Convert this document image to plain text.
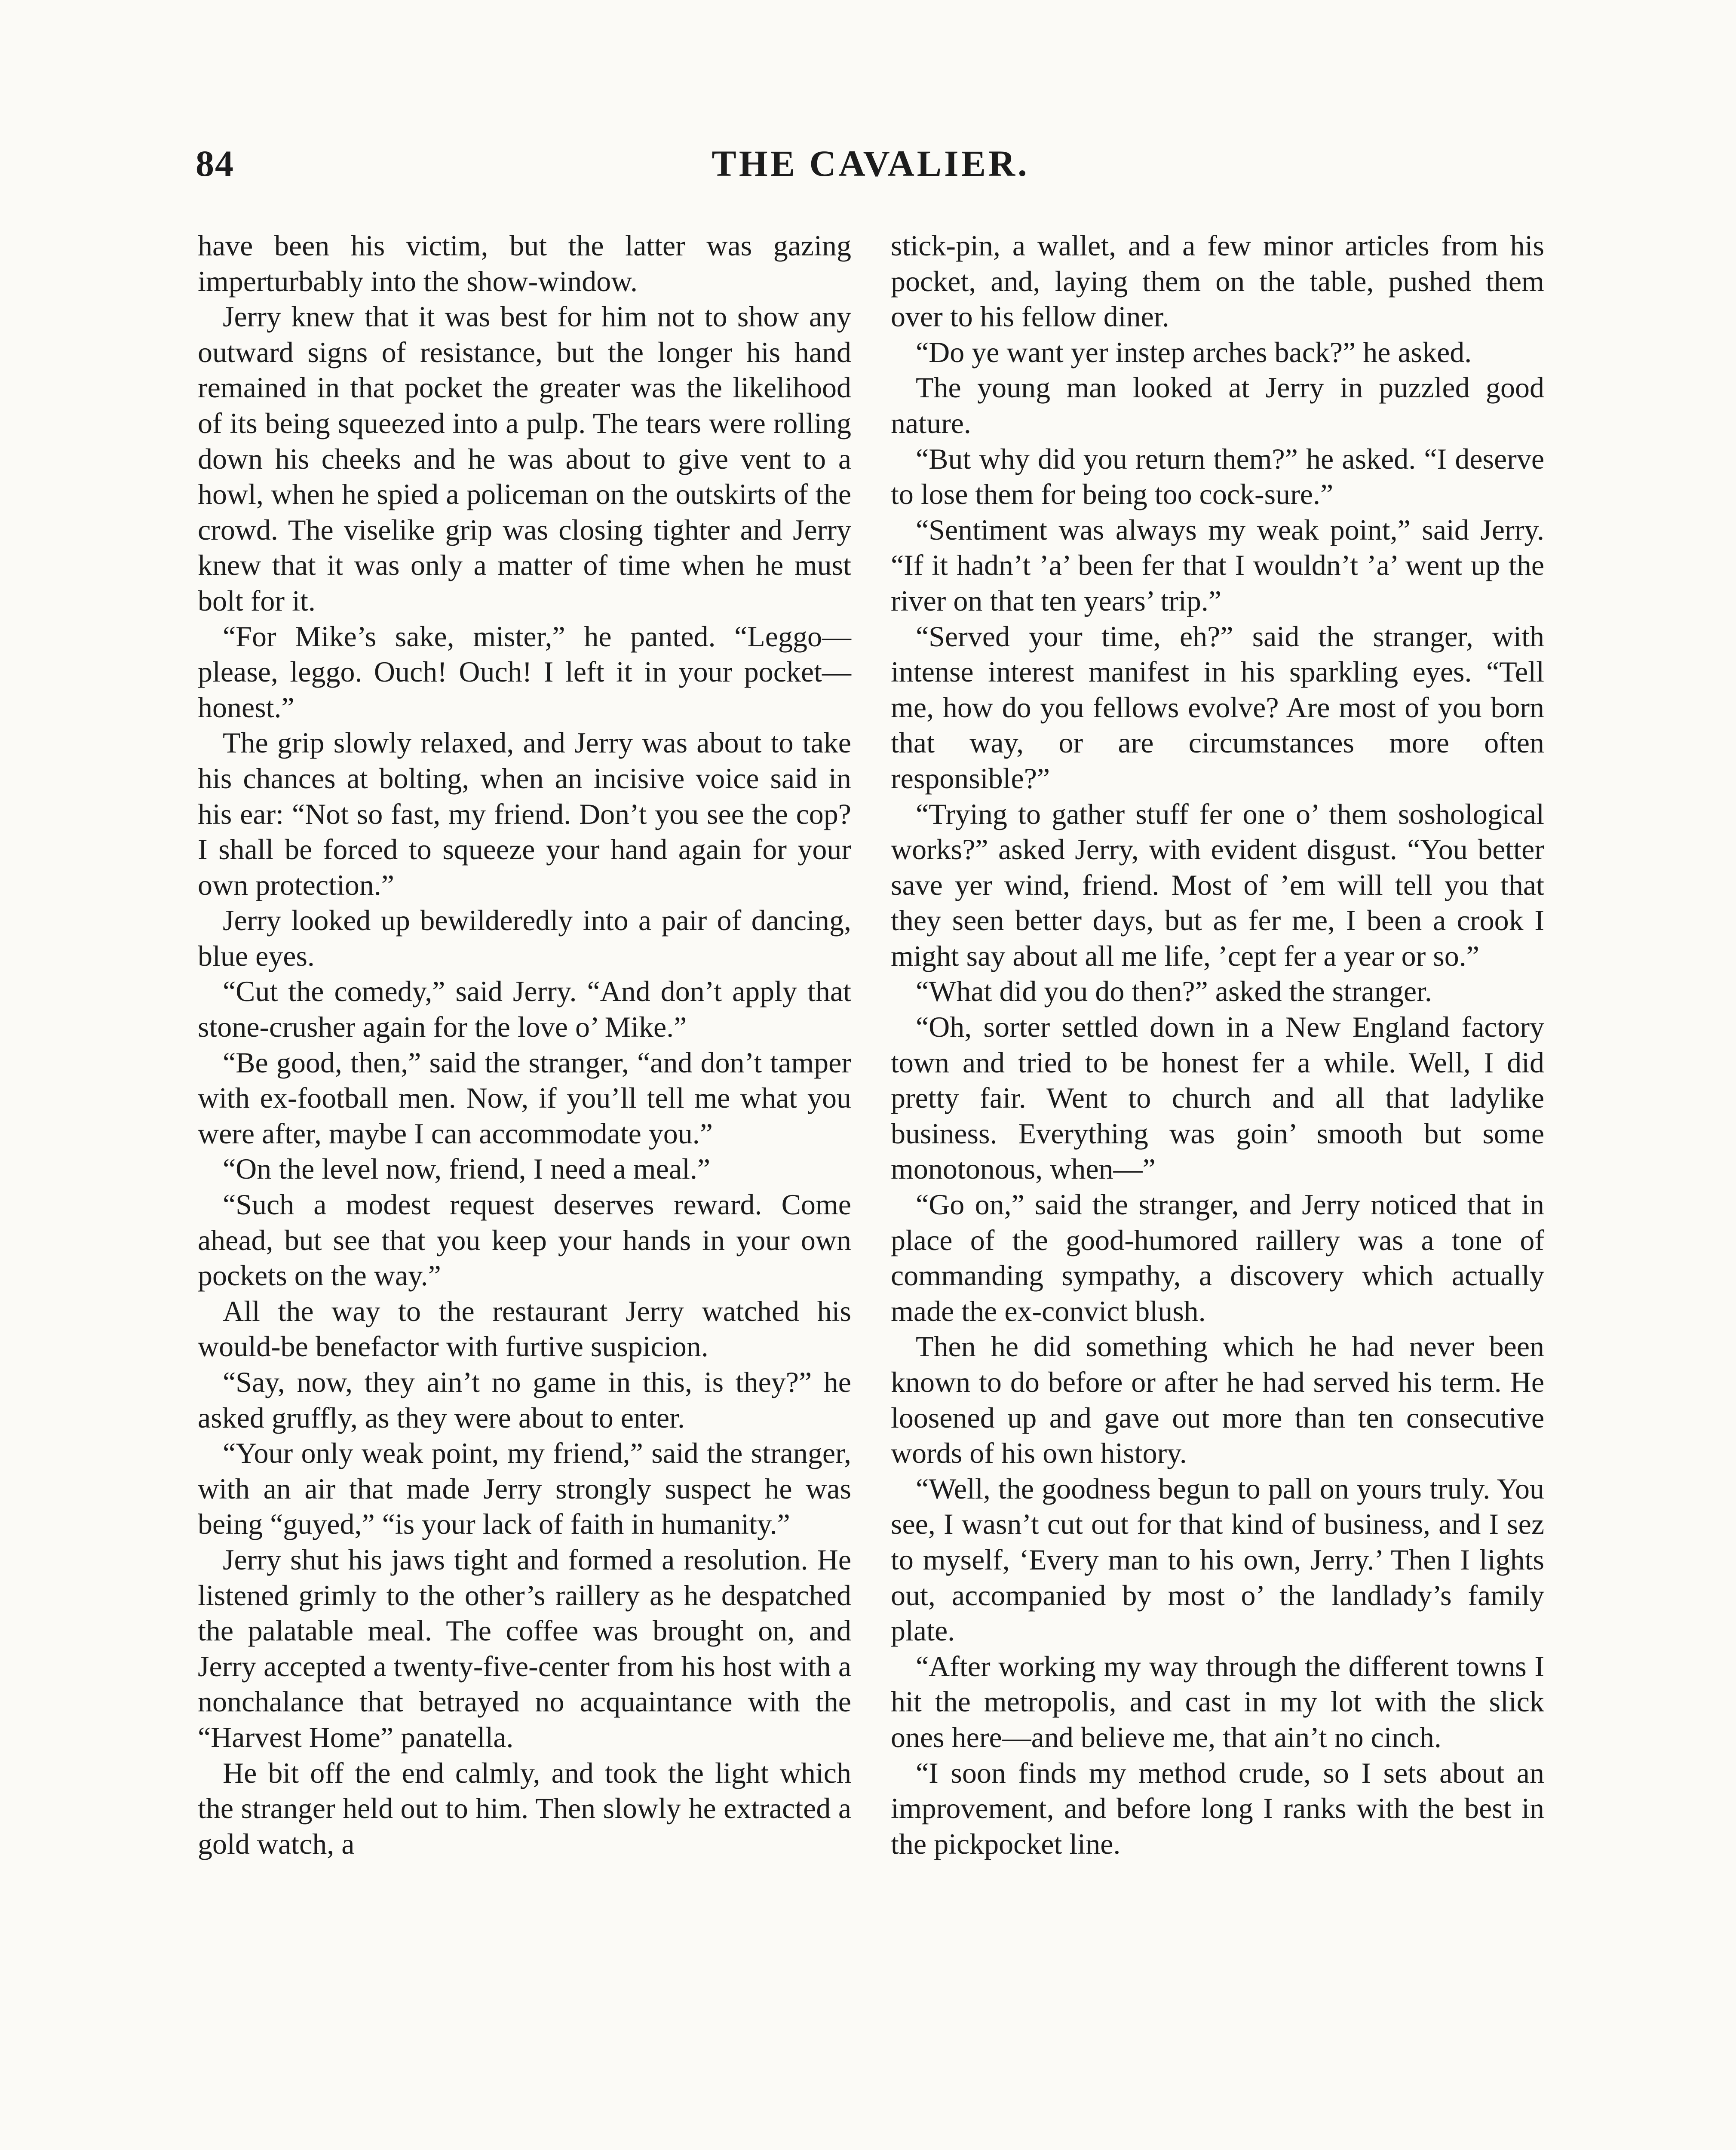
84	THE CAVALIER.

have been his victim, but the latter was gazing imperturbably into the show-window.

Jerry knew that it was best for him not to show any outward signs of resistance, but the longer his hand remained in that pocket the greater was the likelihood of its being squeezed into a pulp. The tears were rolling down his cheeks and he was about to give vent to a howl, when he spied a policeman on the outskirts of the crowd. The viselike grip was closing tighter and Jerry knew that it was only a matter of time when he must bolt for it.

“For Mike’s sake, mister,” he panted. “Leggo—please, leggo. Ouch! Ouch! I left it in your pocket—honest.”

The grip slowly relaxed, and Jerry was about to take his chances at bolting, when an incisive voice said in his ear: “Not so fast, my friend. Don’t you see the cop? I shall be forced to squeeze your hand again for your own protection.”

Jerry looked up bewilderedly into a pair of dancing, blue eyes.

“Cut the comedy,” said Jerry. “And don’t apply that stone-crusher again for the love o’ Mike.”

“Be good, then,” said the stranger, “and don’t tamper with ex-football men. Now, if you’ll tell me what you were after, maybe I can accommodate you.”

“On the level now, friend, I need a meal.”

“Such a modest request deserves reward. Come ahead, but see that you keep your hands in your own pockets on the way.”

All the way to the restaurant Jerry watched his would-be benefactor with furtive suspicion.

“Say, now, they ain’t no game in this, is they?” he asked gruffly, as they were about to enter.

“Your only weak point, my friend,” said the stranger, with an air that made Jerry strongly suspect he was being “guyed,” “is your lack of faith in humanity.”

Jerry shut his jaws tight and formed a resolution. He listened grimly to the other’s raillery as he despatched the palatable meal. The coffee was brought on, and Jerry accepted a twenty-five-center from his host with a nonchalance that betrayed no acquaintance with the “Harvest Home” panatella.

He bit off the end calmly, and took the light which the stranger held out to him. Then slowly he extracted a gold watch, a

stick-pin, a wallet, and a few minor articles from his pocket, and, laying them on the table, pushed them over to his fellow diner.

“Do ye want yer instep arches back?” he asked.

The young man looked at Jerry in puzzled good nature.

“But why did you return them?” he asked. “I deserve to lose them for being too cock-sure.”

“Sentiment was always my weak point,” said Jerry. “If it hadn’t ’a’ been fer that I wouldn’t ’a’ went up the river on that ten years’ trip.”

“Served your time, eh?” said the stranger, with intense interest manifest in his sparkling eyes. “Tell me, how do you fellows evolve? Are most of you born that way, or are circumstances more often responsible?”

“Trying to gather stuff fer one o’ them soshological works?” asked Jerry, with evident disgust. “You better save yer wind, friend. Most of ’em will tell you that they seen better days, but as fer me, I been a crook I might say about all me life, ’cept fer a year or so.”

“What did you do then?” asked the stranger.

“Oh, sorter settled down in a New England factory town and tried to be honest fer a while. Well, I did pretty fair. Went to church and all that ladylike business. Everything was goin’ smooth but some monotonous, when—”

“Go on,” said the stranger, and Jerry noticed that in place of the good-humored raillery was a tone of commanding sympathy, a discovery which actually made the ex-convict blush.

Then he did something which he had never been known to do before or after he had served his term. He loosened up and gave out more than ten consecutive words of his own history.

“Well, the goodness begun to pall on yours truly. You see, I wasn’t cut out for that kind of business, and I sez to myself, ‘Every man to his own, Jerry.’ Then I lights out, accompanied by most o’ the landlady’s family plate.

“After working my way through the different towns I hit the metropolis, and cast in my lot with the slick ones here—and believe me, that ain’t no cinch.

“I soon finds my method crude, so I sets about an improvement, and before long I ranks with the best in the pickpocket line.
